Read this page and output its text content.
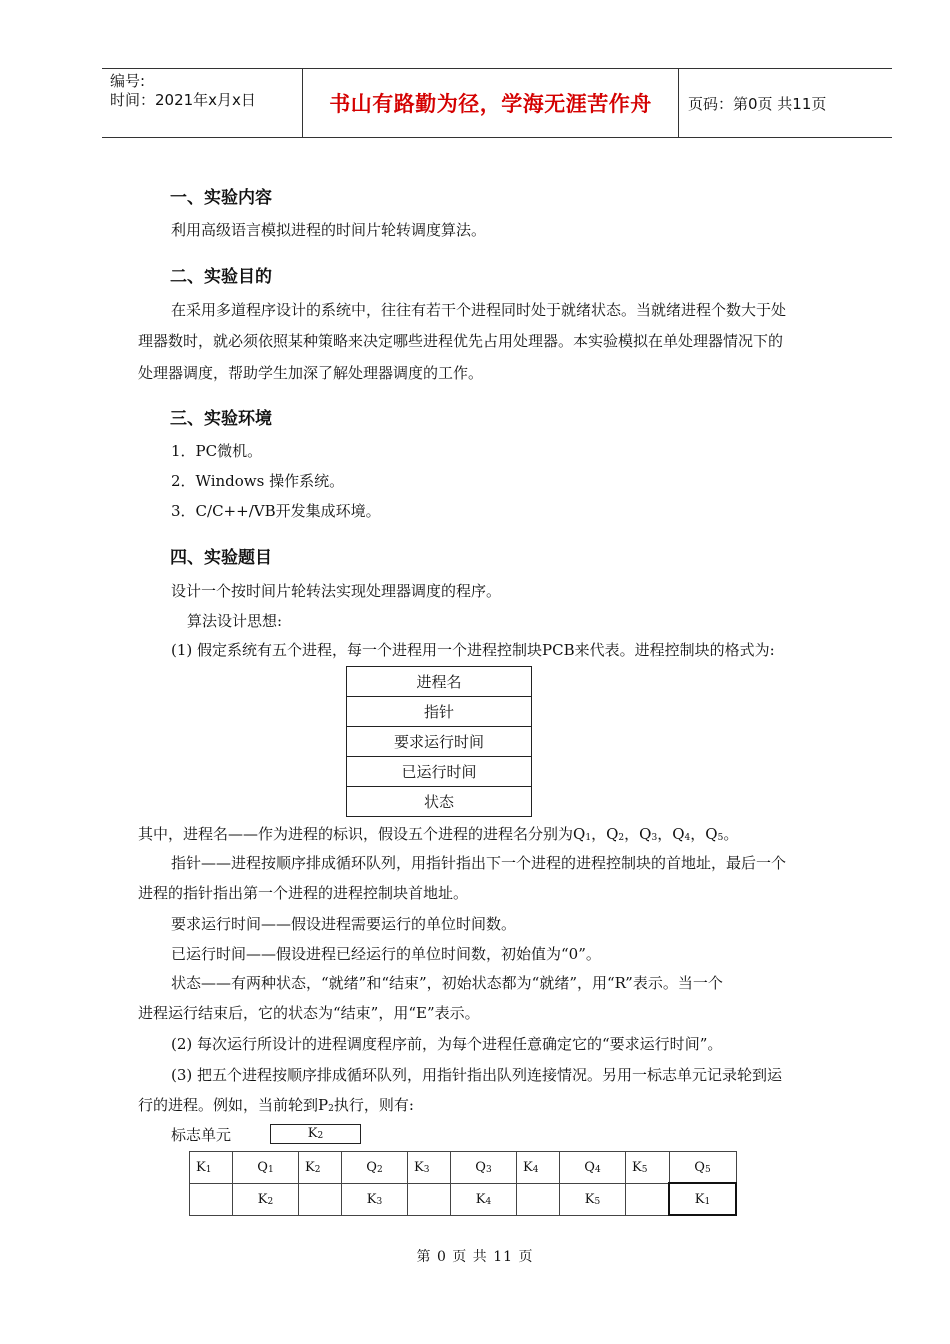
编号:
时间：2021年x月x日	书山有路勤为径，学海无涯苦作舟 页码：第0页 共11页
一、实验内容
利用高级语言模拟进程的时间片轮转调度算法。
二、实验目的
在采用多道程序设计的系统中，往往有若干个进程同时处于就绪状态。当就绪进程个数大于处
理器数时，就必须依照某种策略来决定哪些进程优先占用处理器。本实验模拟在单处理器情况下的
处理器调度，帮助学生加深了解处理器调度的工作。
三、实验环境
1．PC微机。
2．Windows 操作系统。
3．C/C++/VB开发集成环境。
四、实验题目
设计一个按时间片轮转法实现处理器调度的程序。
算法设计思想:
(1) 假定系统有五个进程，每一个进程用一个进程控制块PCB来代表。进程控制块的格式为:
进程名
指针
要求运行时间
已运行时间
状态
其中，进程名——作为进程的标识，假设五个进程的进程名分别为$Q_1$，$Q_2$，$Q_3$，$Q_4$，$Q_5$。
指针——进程按顺序排成循环队列，用指针指出下一个进程的进程控制块的首地址，最后一个
进程的指针指出第一个进程的进程控制块首地址。
要求运行时间——假设进程需要运行的单位时间数。
已运行时间——假设进程已经运行的单位时间数，初始值为“0”。
状态——有两种状态，“就绪”和“结束”，初始状态都为“就绪”，用“R”表示。当一个
进程运行结束后，它的状态为“结束”，用“E”表示。
(2) 每次运行所设计的进程调度程序前，为每个进程任意确定它的“要求运行时间”。
(3) 把五个进程按顺序排成循环队列，用指针指出队列连接情况。另用一标志单元记录轮到运
行的进程。例如，当前轮到$P_2$执行，则有:
标志单元	$K_2$
$K_1$	$Q_1$	$K_2$	$Q_2$	$K_3$	$Q_3$	$K_4$	$Q_4$	$K_5$	$Q_5$
	$K_2$		$K_3$		$K_4$		$K_5$		$K_1$
第 0 页 共 11 页
